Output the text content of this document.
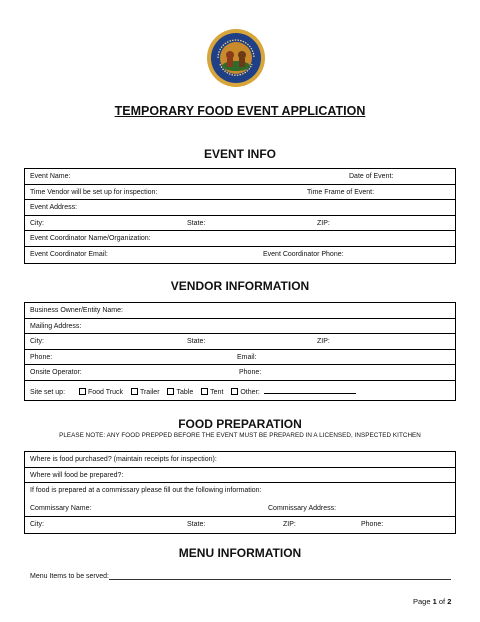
TEMPORARY FOOD EVENT APPLICATION
EVENT INFO
Event Name:	Date of Event:
Time Vendor will be set up for inspection:	Time Frame of Event:
Event Address:
City:	State:	ZIP:
Event Coordinator Name/Organization:
Event Coordinator Email:	Event Coordinator Phone:
VENDOR INFORMATION
Business Owner/Entity Name:
Mailing Address:
City:	State:	ZIP:
Phone:	Email:
Onsite Operator:	Phone:
Site set up:	Food Truck Trailer Table Tent Other:
FOOD PREPARATION
PLEASE NOTE: ANY FOOD PREPPED BEFORE THE EVENT MUST BE PREPARED IN A LICENSED, INSPECTED KITCHEN
Where is food purchased? (maintain receipts for inspection):
Where will food be prepared?:
If food is prepared at a commissary please fill out the following information:
Commissary Name:	Commissary Address:
City:	State:	ZIP:	Phone:
MENU INFORMATION
Menu Items to be served:
Page 1 of 2
